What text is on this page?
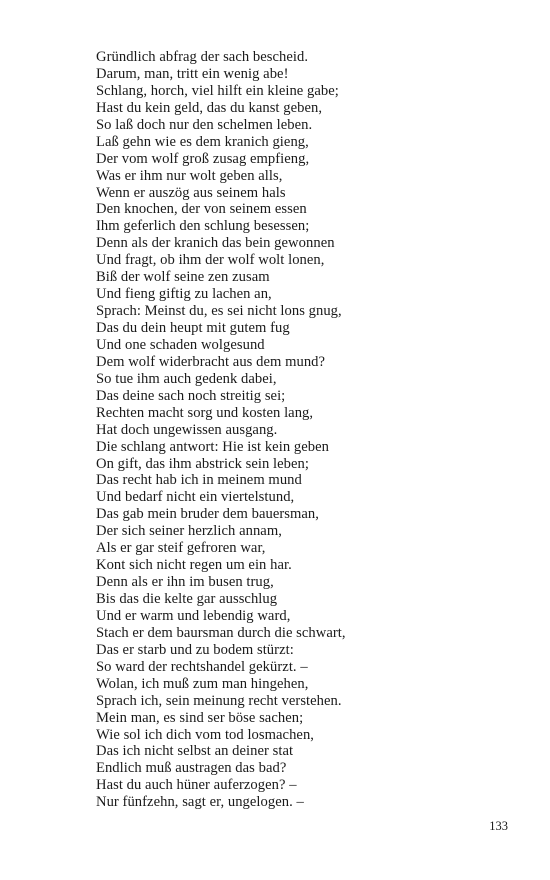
Gründlich abfrag der sach bescheid.
Darum, man, tritt ein wenig abe!
Schlang, horch, viel hilft ein kleine gabe;
Hast du kein geld, das du kanst geben,
So laß doch nur den schelmen leben.
Laß gehn wie es dem kranich gieng,
Der vom wolf groß zusag empfieng,
Was er ihm nur wolt geben alls,
Wenn er auszög aus seinem hals
Den knochen, der von seinem essen
Ihm geferlich den schlung besessen;
Denn als der kranich das bein gewonnen
Und fragt, ob ihm der wolf wolt lonen,
Biß der wolf seine zen zusam
Und fieng giftig zu lachen an,
Sprach: Meinst du, es sei nicht lons gnug,
Das du dein heupt mit gutem fug
Und one schaden wolgesund
Dem wolf widerbracht aus dem mund?
So tue ihm auch gedenk dabei,
Das deine sach noch streitig sei;
Rechten macht sorg und kosten lang,
Hat doch ungewissen ausgang.
Die schlang antwort: Hie ist kein geben
On gift, das ihm abstrick sein leben;
Das recht hab ich in meinem mund
Und bedarf nicht ein viertelstund,
Das gab mein bruder dem bauersman,
Der sich seiner herzlich annam,
Als er gar steif gefroren war,
Kont sich nicht regen um ein har.
Denn als er ihn im busen trug,
Bis das die kelte gar ausschlug
Und er warm und lebendig ward,
Stach er dem baursman durch die schwart,
Das er starb und zu bodem stürzt:
So ward der rechtshandel gekürzt. –
Wolan, ich muß zum man hingehen,
Sprach ich, sein meinung recht verstehen.
Mein man, es sind ser böse sachen;
Wie sol ich dich vom tod losmachen,
Das ich nicht selbst an deiner stat
Endlich muß austragen das bad?
Hast du auch hüner auferzogen? –
Nur fünfzehn, sagt er, ungelogen. –
133
